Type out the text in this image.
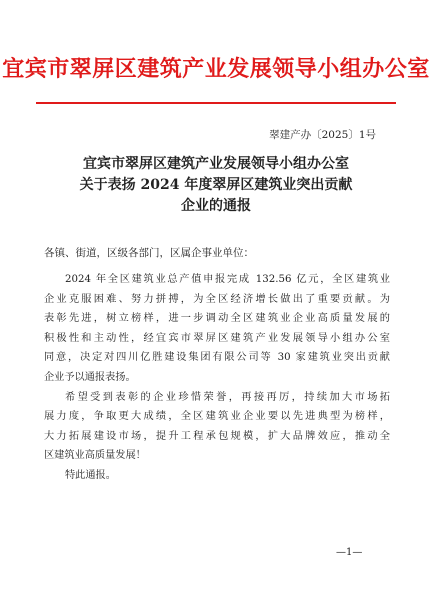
宜宾市翠屏区建筑产业发展领导小组办公室
翠建产办〔2025〕1号
宜宾市翠屏区建筑产业发展领导小组办公室
关于表扬 2024 年度翠屏区建筑业突出贡献
企业的通报
各镇、街道，区级各部门，区属企事业单位：
2024 年全区建筑业总产值申报完成 132.56 亿元，全区建筑业
企业克服困难、努力拼搏，为全区经济增长做出了重要贡献。为
表彰先进，树立榜样，进一步调动全区建筑业企业高质量发展的
积极性和主动性，经宜宾市翠屏区建筑产业发展领导小组办公室
同意，决定对四川亿胜建设集团有限公司等 30 家建筑业突出贡献
企业予以通报表扬。
希望受到表彰的企业珍惜荣誉，再接再厉，持续加大市场拓
展力度，争取更大成绩，全区建筑业企业要以先进典型为榜样，
大力拓展建设市场，提升工程承包规模，扩大品牌效应，推动全
区建筑业高质量发展！
特此通报。
—1—
